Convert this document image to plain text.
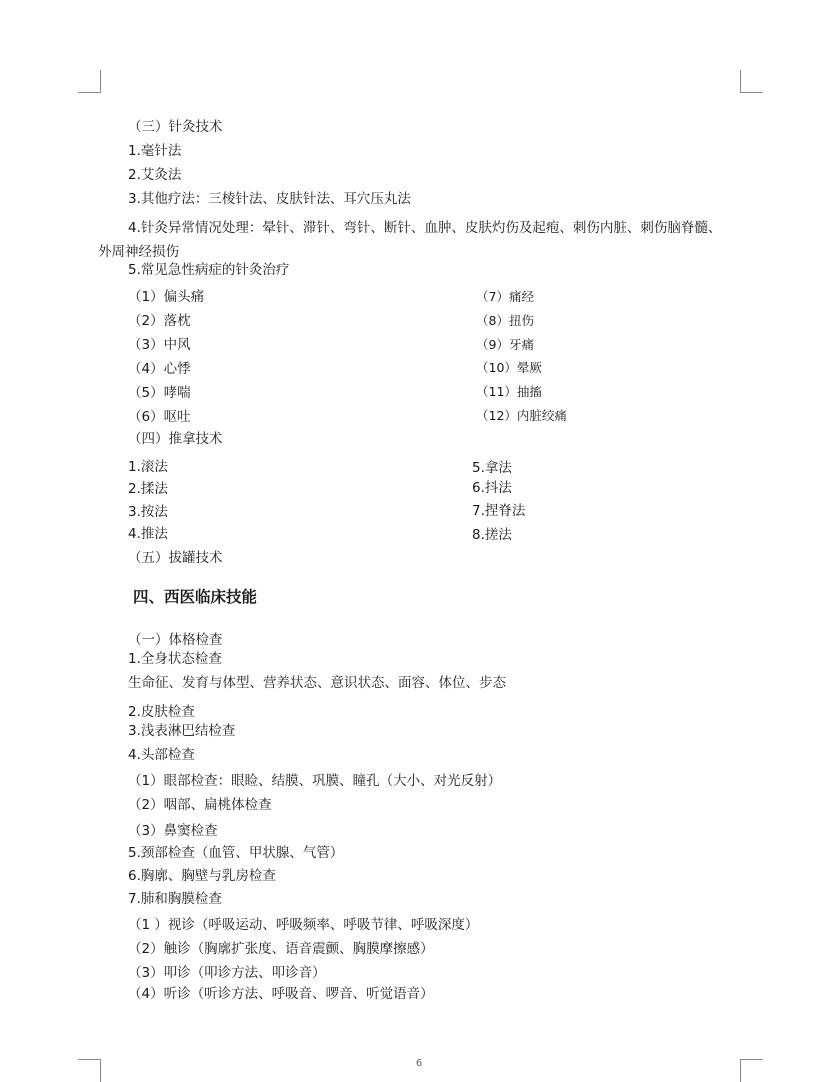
（三）针灸技术
1.毫针法
2.艾灸法
3.其他疗法：三棱针法、皮肤针法、耳穴压丸法
4.针灸异常情况处理：晕针、滞针、弯针、断针、血肿、皮肤灼伤及起疱、刺伤内脏、刺伤脑脊髓、
外周神经损伤
5.常见急性病症的针灸治疗
（1）偏头痛
（2）落枕
（3）中风
（4）心悸
（5）哮喘
（6）呕吐
（7）痛经
（8）扭伤
（9）牙痛
（10）晕厥
（11）抽搐
（12）内脏绞痛
（四）推拿技术
1.滚法
2.揉法
3.按法
4.推法
5.拿法
6.抖法
7.捏脊法
8.搓法
（五）拔罐技术
四、西医临床技能
（一）体格检查
1.全身状态检查
生命征、发育与体型、营养状态、意识状态、面容、体位、步态
2.皮肤检查
3.浅表淋巴结检查
4.头部检查
（1）眼部检查：眼睑、结膜、巩膜、瞳孔（大小、对光反射）
（2）咽部、扁桃体检查
（3）鼻窦检查
5.颈部检查（血管、甲状腺、气管）
6.胸廓、胸壁与乳房检查
7.肺和胸膜检查
（1 ）视诊（呼吸运动、呼吸频率、呼吸节律、呼吸深度）
（2）触诊（胸廓扩张度、语音震颤、胸膜摩擦感）
（3）叩诊（叩诊方法、叩诊音）
（4）听诊（听诊方法、呼吸音、啰音、听觉语音）
6
